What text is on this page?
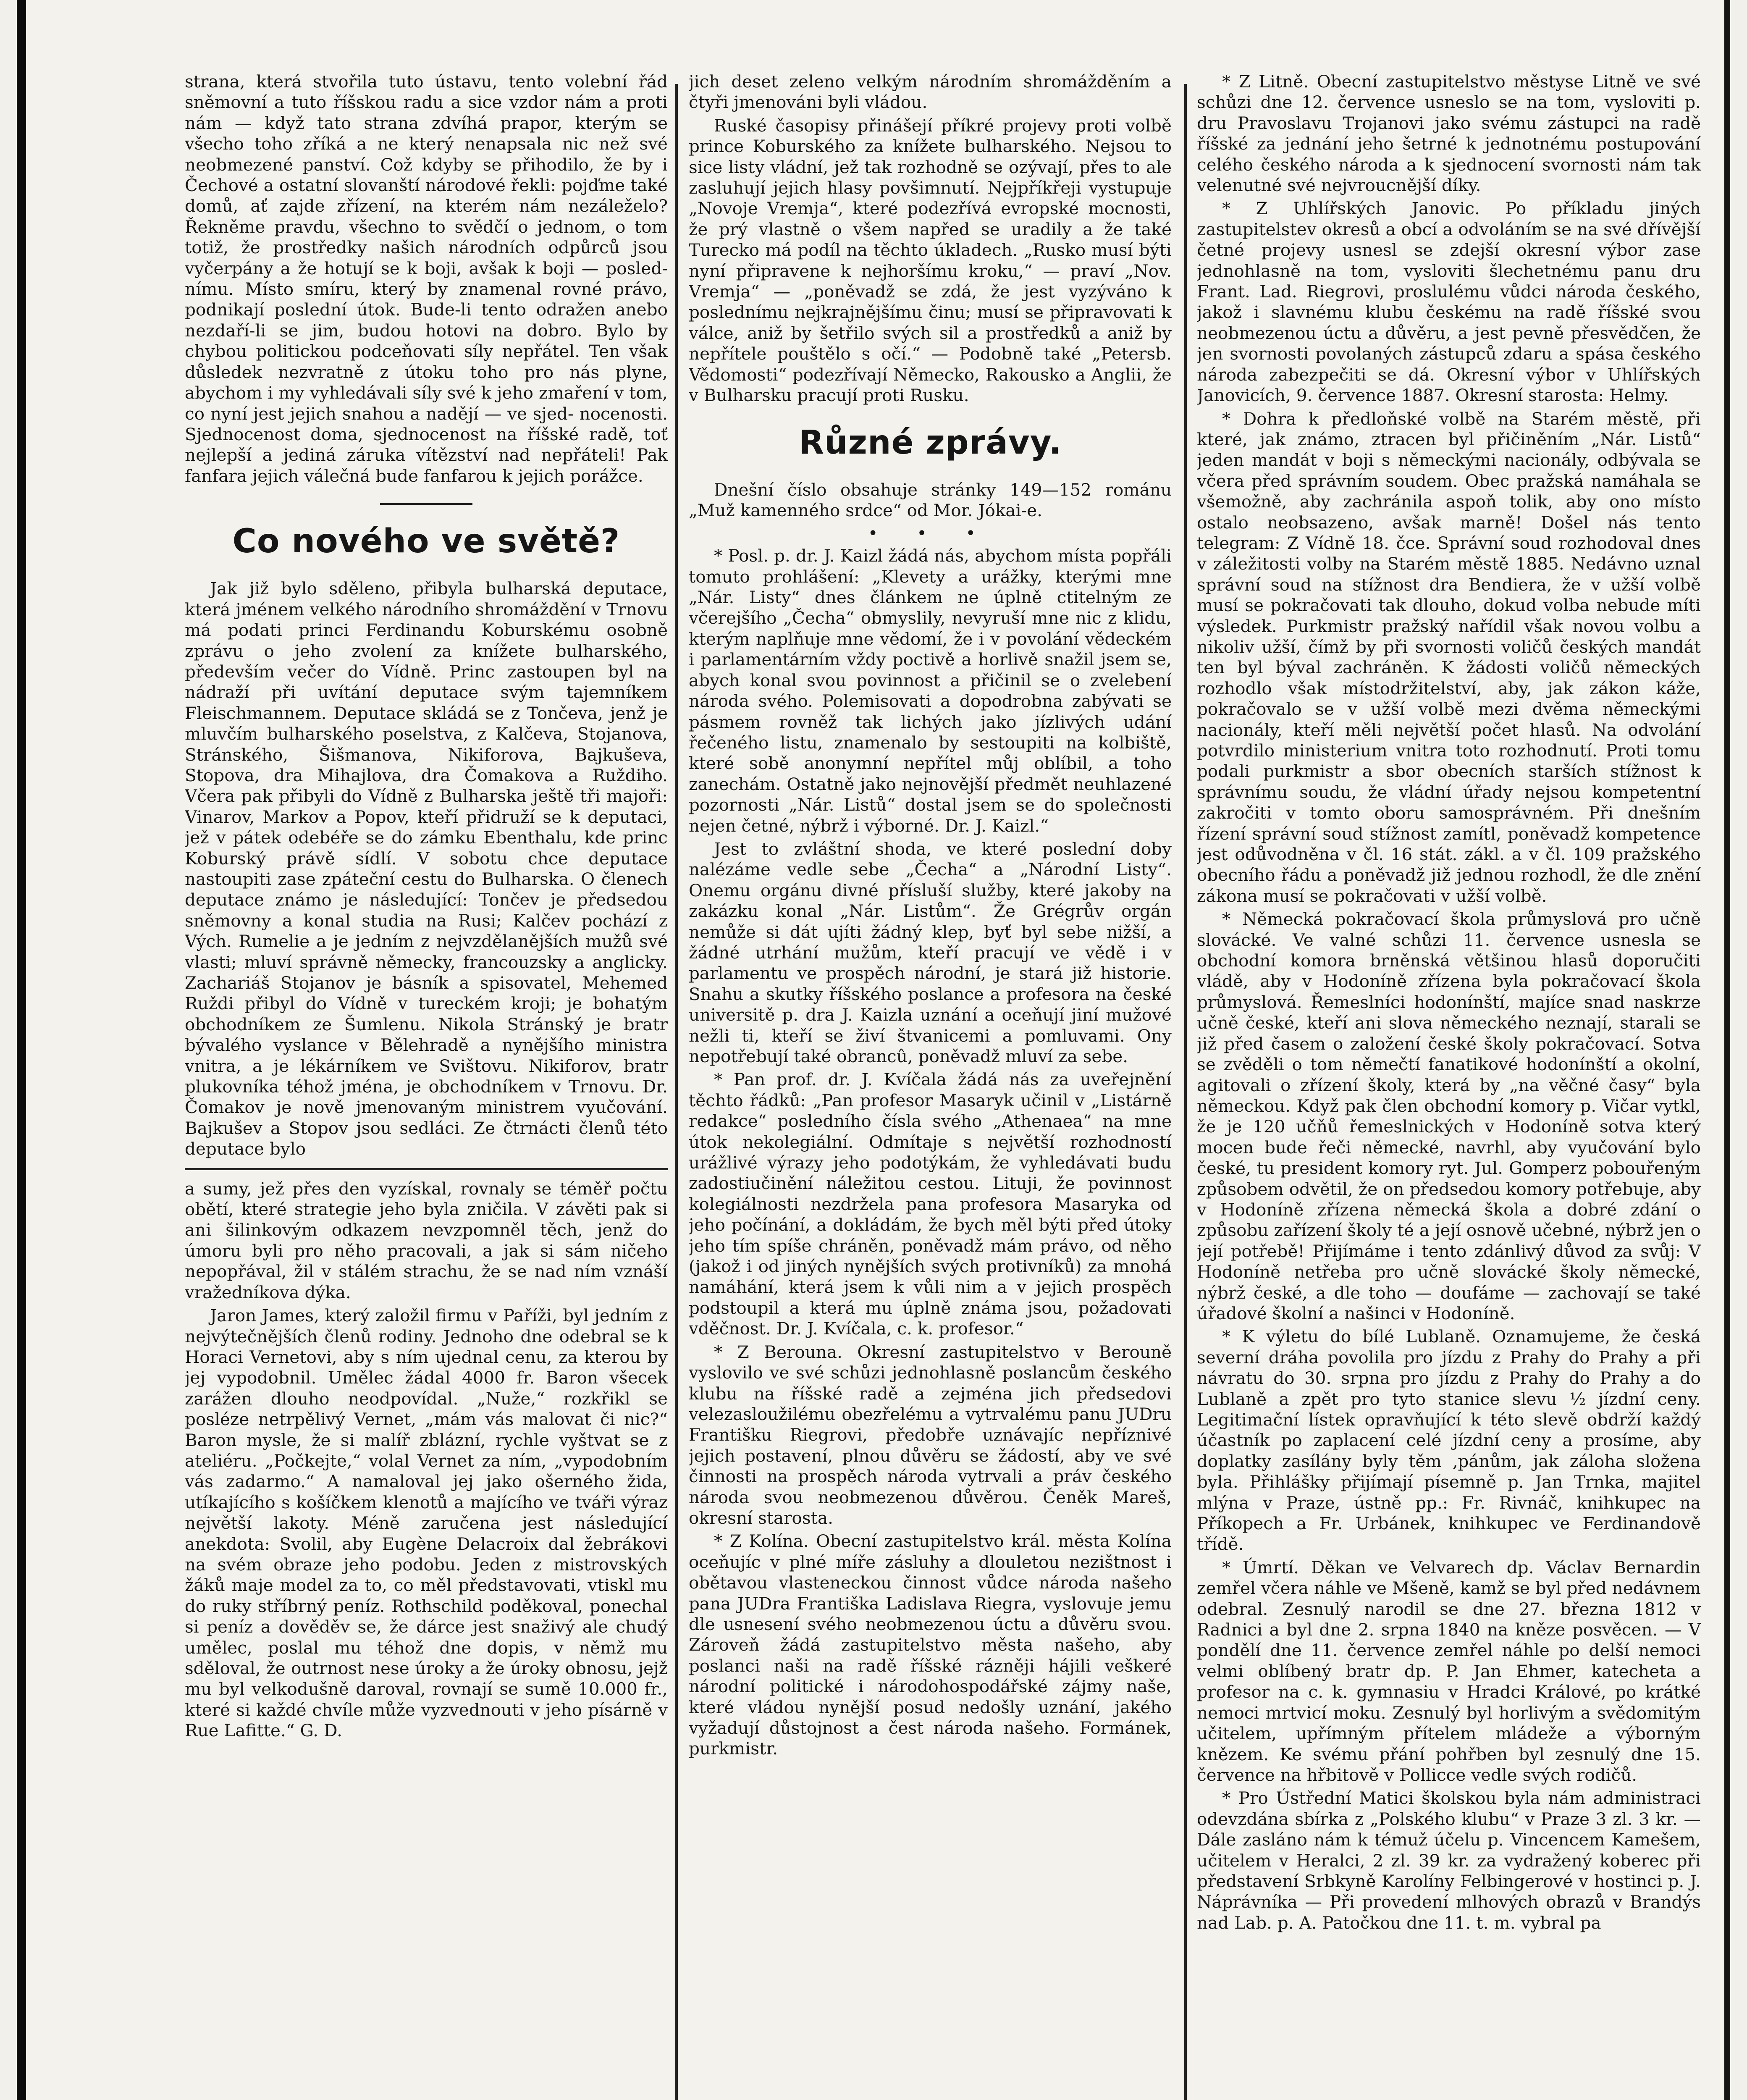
strana, která stvořila tuto ústavu, tento volební řád sněmovní a tuto říšskou radu a sice vzdor nám a proti nám — když tato strana zdvíhá prapor, kterým se všecho toho zříká a ne který nenapsala nic než své neobmezené panství. Což kdyby se přihodilo, že by i Čechové a ostatní slovanští národové řekli: pojďme také domů, ať zajde zřízení, na kterém nám nezáleželo? Řekněme pravdu, všechno to svědčí o jednom, o tom totiž, že prostředky našich národních odpůrců jsou vyčerpány a že hotují se k boji, avšak k boji — posled- nímu. Místo smíru, který by znamenal rovné právo, podnikají poslední útok. Bude-li tento odražen anebo nezdaří-li se jim, budou hotovi na dobro. Bylo by chybou politickou podceňovati síly nepřátel. Ten však důsledek nezvratně z útoku toho pro nás plyne, abychom i my vyhledávali síly své k jeho zmaření v tom, co nyní jest jejich snahou a nadějí — ve sjed- nocenosti. Sjednocenost doma, sjednocenost na říšské radě, toť nejlepší a jediná záruka vítězství nad nepřáteli! Pak fanfara jejich válečná bude fanfarou k jejich porážce.

Co nového ve světě?

Jak již bylo sděleno, přibyla bulharská deputace, která jménem velkého národního shromáždění v Trnovu má podati princi Ferdinandu Koburskému osobně zprávu o jeho zvolení za knížete bulharského, především večer do Vídně. Princ zastoupen byl na nádraží při uvítání deputace svým tajemníkem Fleischmannem. Deputace skládá se z Tončeva, jenž je mluvčím bulharského poselstva, z Kalčeva, Stojanova, Stránského, Šišmanova, Nikiforova, Bajkuševa, Stopova, dra Mihajlova, dra Čomakova a Ruždiho. Včera pak přibyli do Vídně z Bulharska ještě tři majoři: Vinarov, Markov a Popov, kteří přidruží se k deputaci, jež v pátek odebéře se do zámku Ebenthalu, kde princ Koburský právě sídlí. V sobotu chce deputace nastoupiti zase zpáteční cestu do Bulharska. O členech deputace známo je následující: Tončev je předsedou sněmovny a konal studia na Rusi; Kalčev pochází z Vých. Rumelie a je jedním z nejvzdělanějších mužů své vlasti; mluví správně německy, francouzsky a anglicky. Zachariáš Stojanov je básník a spisovatel, Mehemed Ruždi přibyl do Vídně v tureckém kroji; je bohatým obchodníkem ze Šumlenu. Nikola Stránský je bratr bývalého vyslance v Bělehradě a nynějšího ministra vnitra, a je lékárníkem ve Svištovu. Nikiforov, bratr plukovníka téhož jména, je obchodníkem v Trnovu. Dr. Čomakov je nově jmenovaným ministrem vyučování. Bajkušev a Stopov jsou sedláci. Ze čtrnácti členů této deputace bylo

a sumy, jež přes den vyzískal, rovnaly se téměř počtu obětí, které strategie jeho byla zničila. V závěti pak si ani šilinkovým odkazem nevzpomněl těch, jenž do úmoru byli pro něho pracovali, a jak si sám ničeho nepopřával, žil v stálém strachu, že se nad ním vznáší vražedníkova dýka.

Jaron James, který založil firmu v Paříži, byl jedním z nejvýtečnějších členů rodiny. Jednoho dne odebral se k Horaci Vernetovi, aby s ním ujednal cenu, za kterou by jej vypodobnil. Umělec žádal 4000 fr. Baron všecek zarážen dlouho neodpovídal. „Nuže,“ rozkřikl se posléze netrpělivý Vernet, „mám vás malovat či nic?“ Baron mysle, že si malíř zblázní, rychle vyštvat se z ateliéru. „Počkejte,“ volal Vernet za ním, „vypodobním vás zadarmo.“ A namaloval jej jako ošerného žida, utíkajícího s košíčkem klenotů a majícího ve tváři výraz největší lakoty. Méně zaručena jest následující anekdota: Svolil, aby Eugène Delacroix dal žebrákovi na svém obraze jeho podobu. Jeden z mistrovských žáků maje model za to, co měl představovati, vtiskl mu do ruky stříbrný peníz. Rothschild poděkoval, ponechal si peníz a dověděv se, že dárce jest snaživý ale chudý umělec, poslal mu téhož dne dopis, v němž mu sděloval, že outrnost nese úroky a že úroky obnosu, jejž mu byl velkodušně daroval, rovnají se sumě 10.000 fr., které si každé chvíle může vyzvednouti v jeho písárně v Rue Lafitte.“ G. D.

jich deset zeleno velkým národním shromážděním a čtyři jmenováni byli vládou.

Ruské časopisy přinášejí příkré projevy proti volbě prince Koburského za knížete bulharského. Nejsou to sice listy vládní, jež tak rozhodně se ozývají, přes to ale zasluhují jejich hlasy povšimnutí. Nejpříkřeji vystupuje „Novoje Vremja“, které podezřívá evropské mocnosti, že prý vlastně o všem napřed se uradily a že také Turecko má podíl na těchto úkladech. „Rusko musí býti nyní připravene k nejhoršímu kroku,“ — praví „Nov. Vremja“ — „poněvadž se zdá, že jest vyzýváno k poslednímu nejkrajnějšímu činu; musí se připravovati k válce, aniž by šetřilo svých sil a prostředků a aniž by nepřítele pouštělo s očí.“ — Podobně také „Petersb. Vědomosti“ podezřívají Německo, Rakousko a Anglii, že v Bulharsku pracují proti Rusku.

Různé zprávy.

Dnešní číslo obsahuje stránky 149—152 románu „Muž kamenného srdce“ od Mor. Jókai-e.

• • •

* Posl. p. dr. J. Kaizl žádá nás, abychom místa popřáli tomuto prohlášení: „Klevety a urážky, kterými mne „Nár. Listy“ dnes článkem ne úplně ctitelným ze včerejšího „Čecha“ obmyslily, nevyruší mne nic z klidu, kterým naplňuje mne vědomí, že i v povolání vědeckém i parlamentárním vždy poctivě a horlivě snažil jsem se, abych konal svou povinnost a přičinil se o zvelebení národa svého. Polemisovati a dopodrobna zabývati se pásmem rovněž tak lichých jako jízlivých udání řečeného listu, znamenalo by sestoupiti na kolbiště, které sobě anonymní nepřítel můj oblíbil, a toho zanechám. Ostatně jako nejnovější předmět neuhlazené pozornosti „Nár. Listů“ dostal jsem se do společnosti nejen četné, nýbrž i výborné. Dr. J. Kaizl.“

Jest to zvláštní shoda, ve které poslední doby nalézáme vedle sebe „Čecha“ a „Národní Listy“. Onemu orgánu divné přísluší služby, které jakoby na zakázku konal „Nár. Listům“. Že Grégrův orgán nemůže si dát ujíti žádný klep, byť byl sebe nižší, a žádné utrhání mužům, kteří pracují ve vědě i v parlamentu ve prospěch národní, je stará již historie. Snahu a skutky říšského poslance a profesora na české universitě p. dra J. Kaizla uznání a oceňují jiní mužové nežli ti, kteří se živí štvanicemi a pomluvami. Ony nepotřebují také obrancû, poněvadž mluví za sebe.

* Pan prof. dr. J. Kvíčala žádá nás za uveřejnění těchto řádků: „Pan profesor Masaryk učinil v „Listárně redakce“ posledního čísla svého „Athenaea“ na mne útok nekolegiální. Odmítaje s největší rozhodností urážlivé výrazy jeho podotýkám, že vyhledávati budu zadostiučinění náležitou cestou. Lituji, že povinnost kolegiálnosti nezdržela pana profesora Masaryka od jeho počínání, a dokládám, že bych měl býti před útoky jeho tím spíše chráněn, poněvadž mám právo, od něho (jakož i od jiných nynějších svých protivníků) za mnohá namáhání, která jsem k vůli nim a v jejich prospěch podstoupil a která mu úplně známa jsou, požadovati vděčnost. Dr. J. Kvíčala, c. k. profesor.“

* Z Berouna. Okresní zastupitelstvo v Berouně vyslovilo ve své schůzi jednohlasně poslancům českého klubu na říšské radě a zejména jich předsedovi velezasloužilému obezřelému a vytrvalému panu JUDru Františku Riegrovi, předobře uznávajíc nepříznivé jejich postavení, plnou důvěru se žádostí, aby ve své činnosti na prospěch národa vytrvali a práv českého národa svou neobmezenou důvěrou. Čeněk Mareš, okresní starosta.

* Z Kolína. Obecní zastupitelstvo král. města Kolína oceňujíc v plné míře zásluhy a dlouletou nezištnost i obětavou vlasteneckou činnost vůdce národa našeho pana JUDra Františka Ladislava Riegra, vyslovuje jemu dle usnesení svého neobmezenou úctu a důvěru svou. Zároveň žádá zastupitelstvo města našeho, aby poslanci naši na radě říšské rázněji hájili veškeré národní politické i národohospodářské zájmy naše, které vládou nynější posud nedošly uznání, jakého vyžadují důstojnost a čest národa našeho. Formánek, purkmistr.

* Z Litně. Obecní zastupitelstvo městyse Litně ve své schůzi dne 12. července usneslo se na tom, vysloviti p. dru Pravoslavu Trojanovi jako svému zástupci na radě říšské za jednání jeho šetrné k jednotnému postupování celého českého národa a k sjednocení svornosti nám tak velenutné své nejvroucnější díky.

* Z Uhlířských Janovic. Po příkladu jiných zastupitelstev okresů a obcí a odvoláním se na své dřívější četné projevy usnesl se zdejší okresní výbor zase jednohlasně na tom, vysloviti šlechetnému panu dru Frant. Lad. Riegrovi, proslulému vůdci národa českého, jakož i slavnému klubu českému na radě říšské svou neobmezenou úctu a důvěru, a jest pevně přesvědčen, že jen svornosti povolaných zástupců zdaru a spása českého národa zabezpečiti se dá. Okresní výbor v Uhlířských Janovicích, 9. července 1887. Okresní starosta: Helmy.

* Dohra k předloňské volbě na Starém městě, při které, jak známo, ztracen byl přičiněním „Nár. Listů“ jeden mandát v boji s německými nacionály, odbývala se včera před správním soudem. Obec pražská namáhala se všemožně, aby zachránila aspoň tolik, aby ono místo ostalo neobsazeno, avšak marně! Došel nás tento telegram: Z Vídně 18. čce. Správní soud rozhodoval dnes v záležitosti volby na Starém městě 1885. Nedávno uznal správní soud na stížnost dra Bendiera, že v užší volbě musí se pokračovati tak dlouho, dokud volba nebude míti výsledek. Purkmistr pražský nařídil však novou volbu a nikoliv užší, čímž by při svornosti voličů českých mandát ten byl býval zachráněn. K žádosti voličů německých rozhodlo však místodržitelství, aby, jak zákon káže, pokračovalo se v užší volbě mezi dvěma německými nacionály, kteří měli největší počet hlasů. Na odvolání potvrdilo ministerium vnitra toto rozhodnutí. Proti tomu podali purkmistr a sbor obecních starších stížnost k správnímu soudu, že vládní úřady nejsou kompetentní zakročiti v tomto oboru samosprávném. Při dnešním řízení správní soud stížnost zamítl, poněvadž kompetence jest odůvodněna v čl. 16 stát. zákl. a v čl. 109 pražského obecního řádu a poněvadž již jednou rozhodl, že dle znění zákona musí se pokračovati v užší volbě.

* Německá pokračovací škola průmyslová pro učně slovácké. Ve valné schůzi 11. července usnesla se obchodní komora brněnská většinou hlasů doporučiti vládě, aby v Hodoníně zřízena byla pokračovací škola průmyslová. Řemeslníci hodonínští, majíce snad naskrze učně české, kteří ani slova německého neznají, starali se již před časem o založení české školy pokračovací. Sotva se zvěděli o tom němečtí fanatikové hodonínští a okolní, agitovali o zřízení školy, která by „na věčné časy“ byla německou. Když pak člen obchodní komory p. Vičar vytkl, že je 120 učňů řemeslnických v Hodoníně sotva který mocen bude řeči německé, navrhl, aby vyučování bylo české, tu president komory ryt. Jul. Gomperz pobouřeným způsobem odvětil, že on předsedou komory potřebuje, aby v Hodoníně zřízena německá škola a dobré zdání o způsobu zařízení školy té a její osnově učebné, nýbrž jen o její potřebě! Přijímáme i tento zdánlivý důvod za svůj: V Hodoníně netřeba pro učně slovácké školy německé, nýbrž české, a dle toho — doufáme — zachovají se také úřadové školní a našinci v Hodoníně.

* K výletu do bílé Lublaně. Oznamujeme, že česká severní dráha povolila pro jízdu z Prahy do Prahy a při návratu do 30. srpna pro jízdu z Prahy do Prahy a do Lublaně a zpět pro tyto stanice slevu ½ jízdní ceny. Legitimační lístek opravňující k této slevě obdrží každý účastník po zaplacení celé jízdní ceny a prosíme, aby doplatky zasílány byly těm ‚pánům, jak záloha složena byla. Přihlášky přijímají písemně p. Jan Trnka, majitel mlýna v Praze, ústně pp.: Fr. Rivnáč, knihkupec na Příkopech a Fr. Urbánek, knihkupec ve Ferdinandově třídě.

* Úmrtí. Děkan ve Velvarech dp. Václav Bernardin zemřel včera náhle ve Mšeně, kamž se byl před nedávnem odebral. Zesnulý narodil se dne 27. března 1812 v Radnici a byl dne 2. srpna 1840 na kněze posvěcen. — V pondělí dne 11. července zemřel náhle po delší nemoci velmi oblíbený bratr dp. P. Jan Ehmer, katecheta a profesor na c. k. gymnasiu v Hradci Králové, po krátké nemoci mrtvicí moku. Zesnulý byl horlivým a svědomitým učitelem, upřímným přítelem mládeže a výborným knězem. Ke svému přání pohřben byl zesnulý dne 15. července na hřbitově v Pollicce vedle svých rodičů.

* Pro Ústřední Matici školskou byla nám administraci odevzdána sbírka z „Polského klubu“ v Praze 3 zl. 3 kr. — Dále zasláno nám k témuž účelu p. Vincencem Kamešem, učitelem v Heralci, 2 zl. 39 kr. za vydražený koberec při představení Srbkyně Karolíny Felbingerové v hostinci p. J. Náprávníka — Při provedení mlhových obrazů v Brandýs nad Lab. p. A. Patočkou dne 11. t. m. vybral pa
